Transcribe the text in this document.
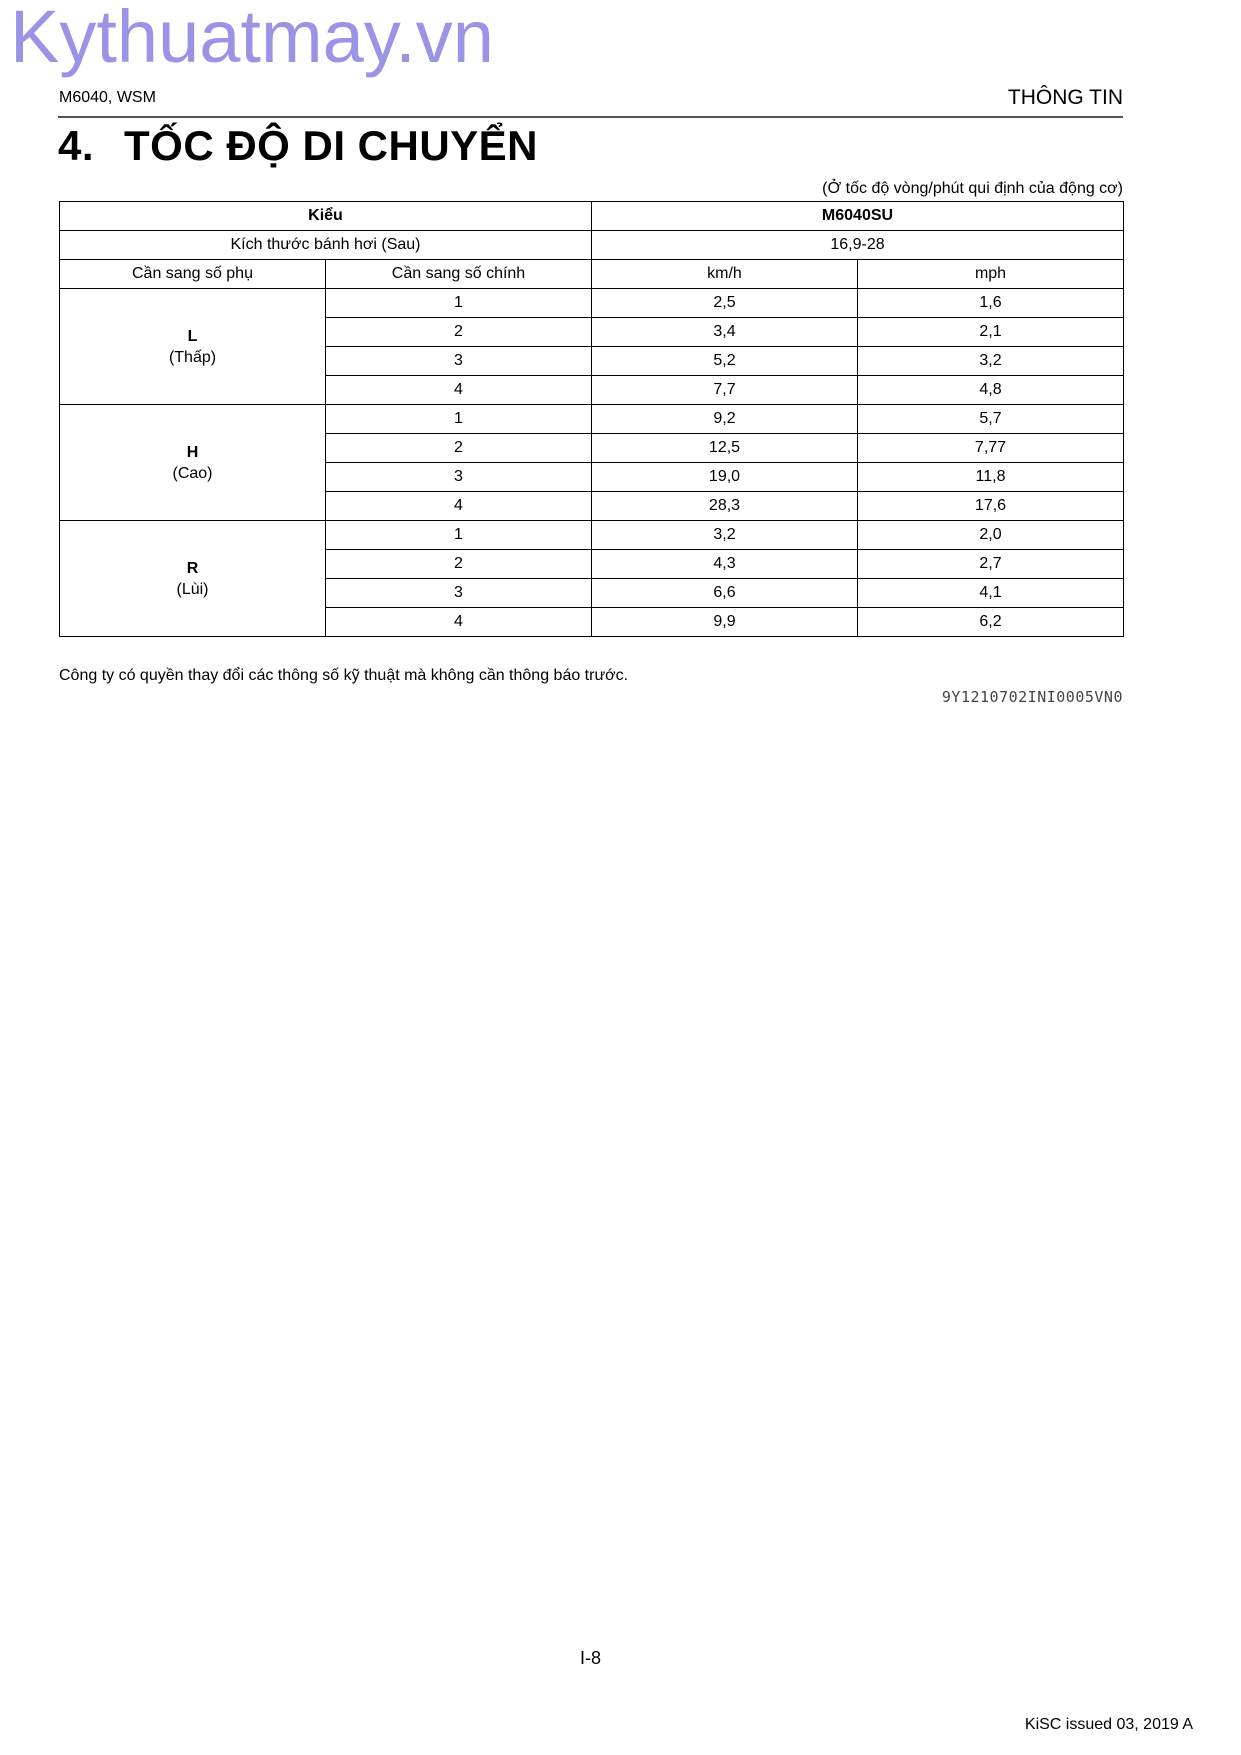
Kythuatmay.vn
M6040, WSM	THÔNG TIN
4. TỐC ĐỘ DI CHUYỂN
(Ở tốc độ vòng/phút qui định của động cơ)
Kiểu		M6040SU	
Kích thước bánh hơi (Sau)		16,9-28	
Cần sang số phụ	Cần sang số chính	km/h	mph

L
(Thấp)	1	2,5	1,6
	2	3,4	2,1
	3	5,2	3,2
	4	7,7	4,8

H
(Cao)	1	9,2	5,7
	2	12,5	7,77
	3	19,0	11,8
	4	28,3	17,6

R
(Lùi)	1	3,2	2,0
	2	4,3	2,7
	3	6,6	4,1
	4	9,9	6,2
Công ty có quyền thay đổi các thông số kỹ thuật mà không cần thông báo trước.
9Y1210702INI0005VN0
I-8
KiSC issued 03, 2019 A
